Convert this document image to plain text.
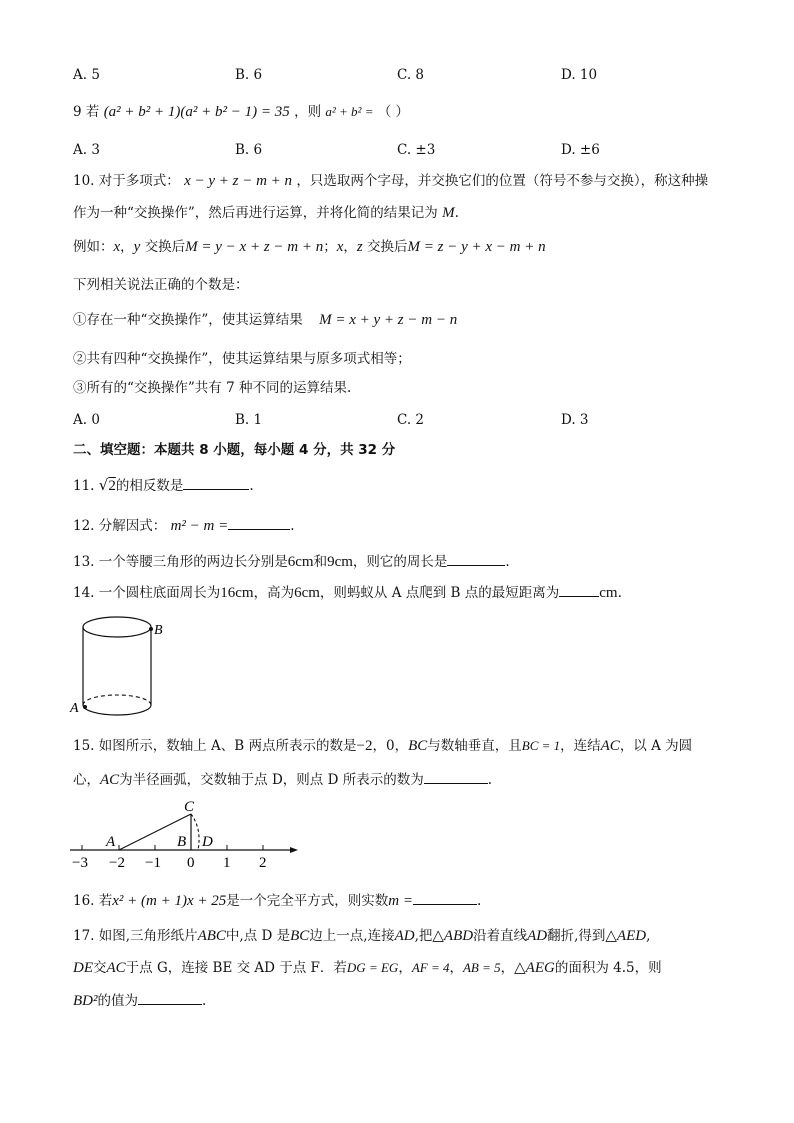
A. 5	B. 6	C. 8	D. 10
9 若 (a² + b² + 1)(a² + b² − 1) = 35 ，则 a² + b² = （ ）
A. 3	B. 6	C. ±3	D. ±6
10. 对于多项式： x − y + z − m + n ，只选取两个字母，并交换它们的位置（符号不参与交换），称这种操
作为一种“交换操作”，然后再进行运算，并将化简的结果记为 M.
例如：x，y 交换后M = y − x + z − m + n；x，z 交换后M = z − y + x − m + n
下列相关说法正确的个数是：
①存在一种“交换操作”，使其运算结果 M = x + y + z − m − n
②共有四种“交换操作”，使其运算结果与原多项式相等；
③所有的“交换操作”共有 7 种不同的运算结果.
A. 0	B. 1	C. 2	D. 3
二、填空题：本题共 8 小题，每小题 4 分，共 32 分
11. √2的相反数是	.
12. 分解因式： m² − m =	.
13. 一个等腰三角形的两边长分别是6cm和9cm，则它的周长是	.
14. 一个圆柱底面周长为16cm，高为6cm，则蚂蚁从 A 点爬到 B 点的最短距离为	cm.
B
A
15. 如图所示，数轴上 A、B 两点所表示的数是−2，0，BC与数轴垂直，且BC = 1，连结AC，以 A 为圆
心，AC为半径画弧，交数轴于点 D，则点 D 所表示的数为	.
C
A	B D
−3 −2 −1 0 1 2
16. 若x² + (m + 1)x + 25是一个完全平方式，则实数m =	.
17. 如图,三角形纸片ABC中,点 D 是BC边上一点,连接AD,把△ABD沿着直线AD翻折,得到△AED,
DE交AC于点 G，连接 BE 交 AD 于点 F．若DG = EG，AF = 4，AB = 5，△AEG的面积为 4.5，则
BD²的值为	.
